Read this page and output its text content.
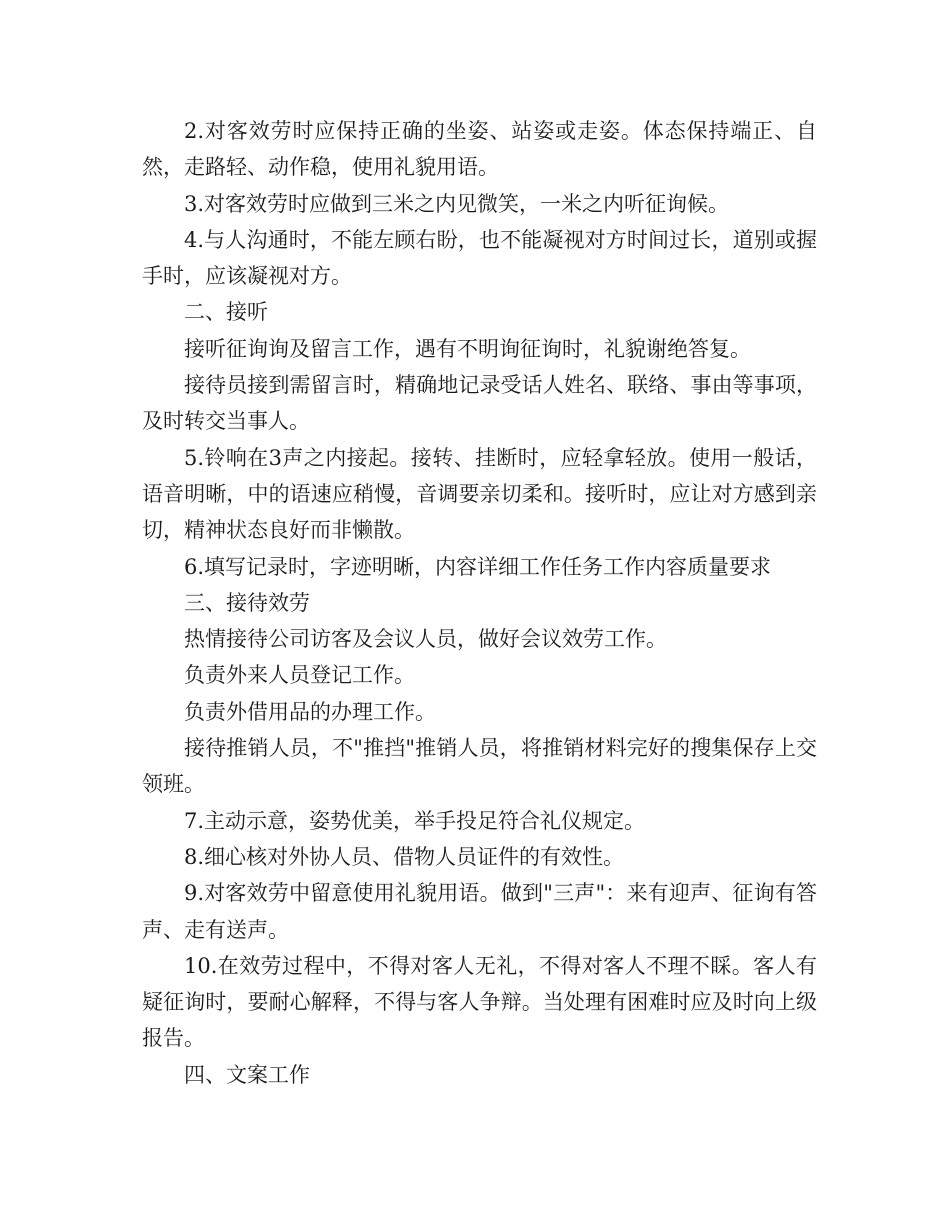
2.对客效劳时应保持正确的坐姿、站姿或走姿。体态保持端正、自然，走路轻、动作稳，使用礼貌用语。

3.对客效劳时应做到三米之内见微笑，一米之内听征询候。

4.与人沟通时，不能左顾右盼，也不能凝视对方时间过长，道别或握手时，应该凝视对方。

二、接听

接听征询询及留言工作，遇有不明询征询时，礼貌谢绝答复。

接待员接到需留言时，精确地记录受话人姓名、联络、事由等事项，及时转交当事人。

5.铃响在3声之内接起。接转、挂断时，应轻拿轻放。使用一般话，语音明晰，中的语速应稍慢，音调要亲切柔和。接听时，应让对方感到亲切，精神状态良好而非懒散。

6.填写记录时，字迹明晰，内容详细工作任务工作内容质量要求

三、接待效劳

热情接待公司访客及会议人员，做好会议效劳工作。

负责外来人员登记工作。

负责外借用品的办理工作。

接待推销人员，不"推挡"推销人员，将推销材料完好的搜集保存上交领班。

7.主动示意，姿势优美，举手投足符合礼仪规定。

8.细心核对外协人员、借物人员证件的有效性。

9.对客效劳中留意使用礼貌用语。做到"三声"：来有迎声、征询有答声、走有送声。

10.在效劳过程中，不得对客人无礼，不得对客人不理不睬。客人有疑征询时，要耐心解释，不得与客人争辩。当处理有困难时应及时向上级报告。

四、文案工作
